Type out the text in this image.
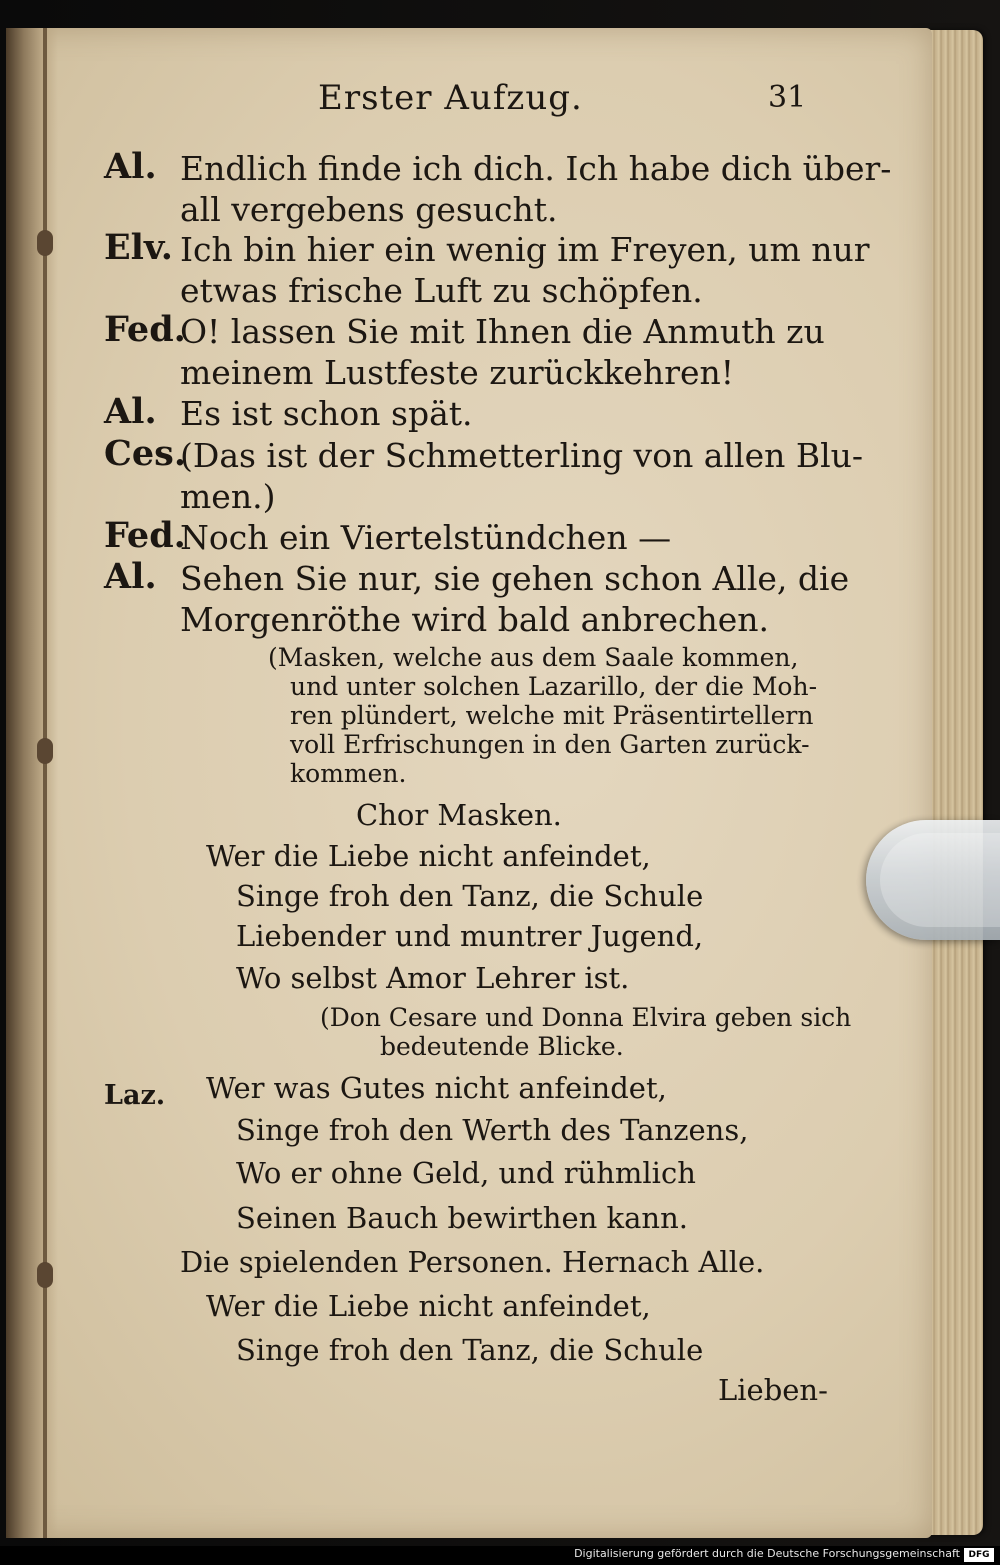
Erster Aufzug.	31
Al. Endlich finde ich dich. Ich habe dich über-
all vergebens gesucht.
Elv. Ich bin hier ein wenig im Freyen, um nur
etwas frische Luft zu schöpfen.
Fed.
O! lassen Sie mit Ihnen die Anmuth zu
meinem Lustfeste zurückkehren!
Al. Es ist schon spät.
Ces.
(Das ist der Schmetterling von allen Blu-
men.)
Fed.
Noch ein Viertelstündchen —
Al. Sehen Sie nur, sie gehen schon Alle, die
Morgenröthe wird bald anbrechen.
(Masken, welche aus dem Saale kommen,
und unter solchen Lazarillo, der die Moh-
ren plündert, welche mit Präsentirtellern
voll Erfrischungen in den Garten zurück-
kommen.
Chor Masken.
Wer die Liebe nicht anfeindet,
Singe froh den Tanz, die Schule
Liebender und muntrer Jugend,
Wo selbst Amor Lehrer ist.
(Don Cesare und Donna Elvira geben sich
bedeutende Blicke.
Laz. Wer was Gutes nicht anfeindet,
Singe froh den Werth des Tanzens,
Wo er ohne Geld, und rühmlich
Seinen Bauch bewirthen kann.
Die spielenden Personen. Hernach Alle.
Wer die Liebe nicht anfeindet,
Singe froh den Tanz, die Schule
Lieben-
Digitalisierung gefördert durch die Deutsche Forschungsgemeinschaft DFG
